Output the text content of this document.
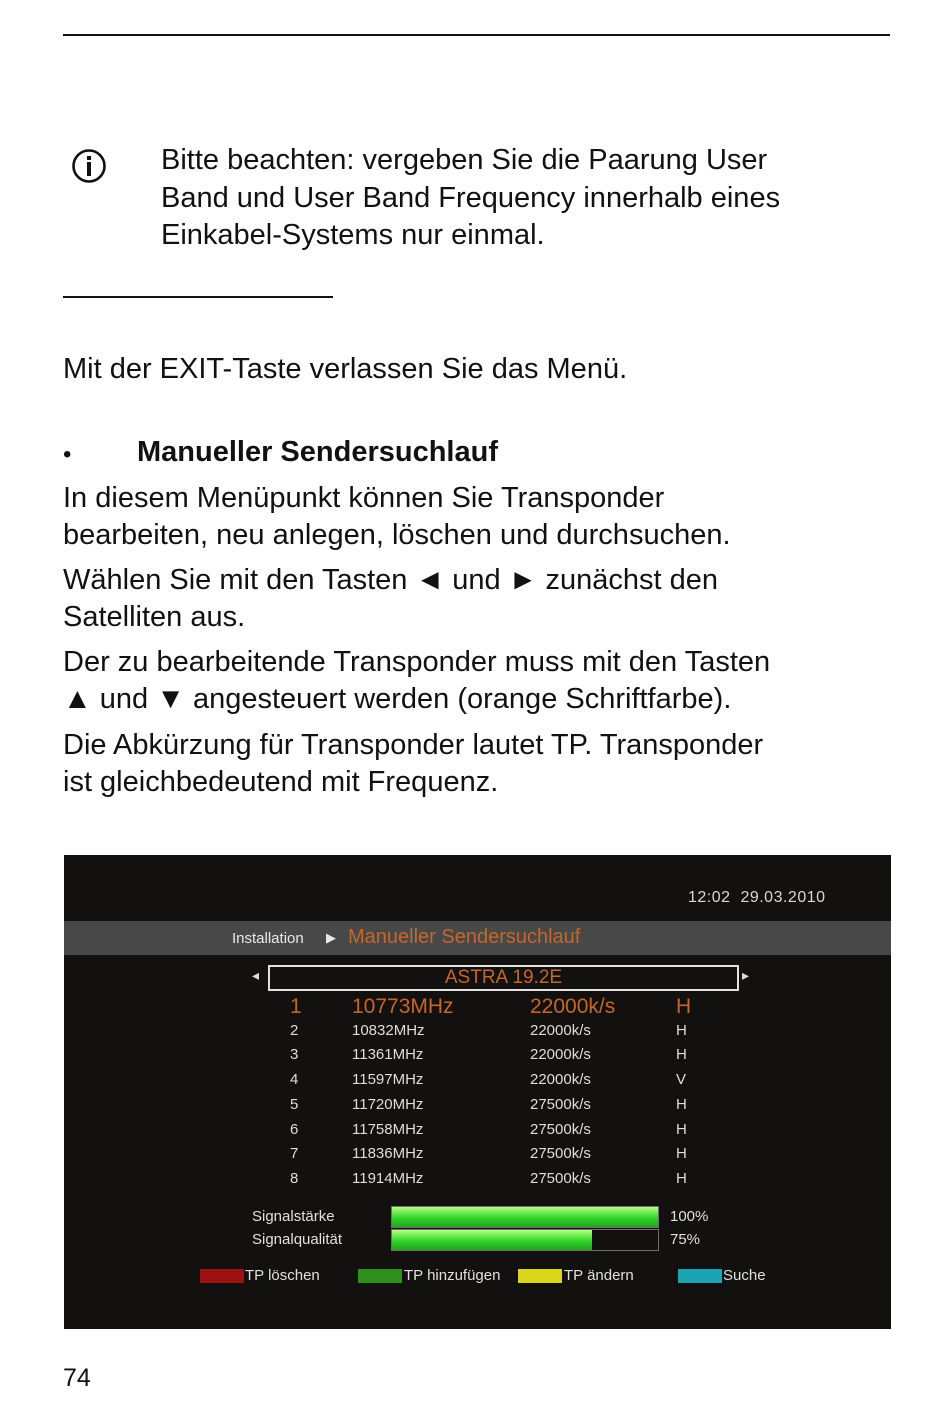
Bitte beachten: vergeben Sie die Paarung User
Band und User Band Frequency innerhalb eines
Einkabel-Systems nur einmal.
Mit der EXIT-Taste verlassen Sie das Menü.
• Manueller Sendersuchlauf
In diesem Menüpunkt können Sie Transponder
bearbeiten, neu anlegen, löschen und durchsuchen.
Wählen Sie mit den Tasten ◄ und ► zunächst den
Satelliten aus.
Der zu bearbeitende Transponder muss mit den Tasten
▲ und ▼ angesteuert werden (orange Schriftfarbe).
Die Abkürzung für Transponder lautet TP. Transponder
ist gleichbedeutend mit Frequenz.
12:02 29.03.2010
Installation ▶ Manueller Sendersuchlauf
◂	ASTRA 19.2E	▸
1 10773MHz	22000k/s	H
2	10832MHz	22000k/s	H
3	11361MHz	22000k/s	H
4	11597MHz	22000k/s	V
5	11720MHz	27500k/s	H
6	11758MHz	27500k/s	H
7	11836MHz	27500k/s	H
8	11914MHz	27500k/s	H
Signalstärke	100%
Signalqualität	75%
TP löschen	TP hinzufügen	TP ändern	Suche
74
